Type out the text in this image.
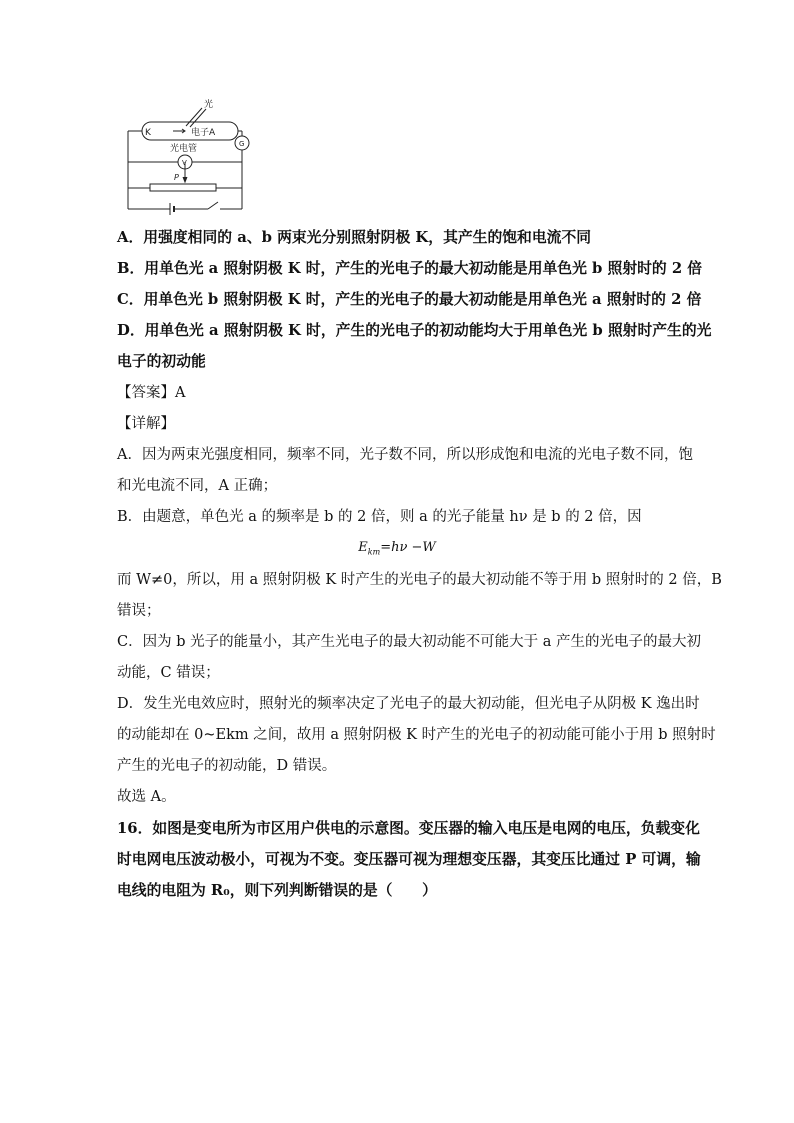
光
K	电子A
光电管	G
V
P
A．用强度相同的 a、b 两束光分别照射阴极 K，其产生的饱和电流不同
B．用单色光 a 照射阴极 K 时，产生的光电子的最大初动能是用单色光 b 照射时的 2 倍
C．用单色光 b 照射阴极 K 时，产生的光电子的最大初动能是用单色光 a 照射时的 2 倍
D．用单色光 a 照射阴极 K 时，产生的光电子的初动能均大于用单色光 b 照射时产生的光
电子的初动能
【答案】A
【详解】
A．因为两束光强度相同，频率不同，光子数不同，所以形成饱和电流的光电子数不同，饱
和光电流不同，A 正确；
B．由题意，单色光 a 的频率是 b 的 2 倍，则 a 的光子能量 hν 是 b 的 2 倍，因
$E_{km}=h\nu -W$
而 W≠0，所以，用 a 照射阴极 K 时产生的光电子的最大初动能不等于用 b 照射时的 2 倍，B
错误；
C．因为 b 光子的能量小，其产生光电子的最大初动能不可能大于 a 产生的光电子的最大初
动能，C 错误；
D．发生光电效应时，照射光的频率决定了光电子的最大初动能，但光电子从阴极 K 逸出时
的动能却在 0~Ekm 之间，故用 a 照射阴极 K 时产生的光电子的初动能可能小于用 b 照射时
产生的光电子的初动能，D 错误。
故选 A。
16．如图是变电所为市区用户供电的示意图。变压器的输入电压是电网的电压，负载变化
时电网电压波动极小，可视为不变。变压器可视为理想变压器，其变压比通过 P 可调，输
电线的电阻为 R₀，则下列判断错误的是（　　）
